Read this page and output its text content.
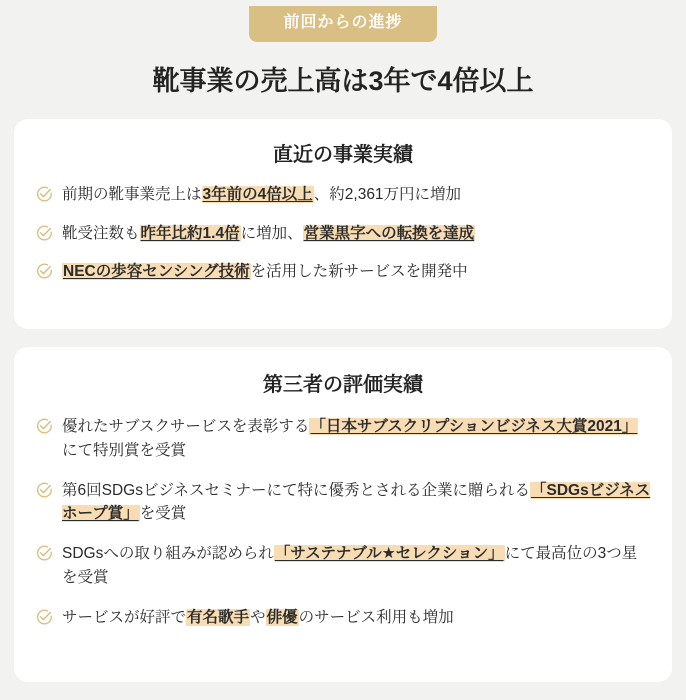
前回からの進捗
靴事業の売上高は3年で4倍以上
直近の事業実績
前期の靴事業売上は3年前の4倍以上、約2,361万円に増加
靴受注数も昨年比約1.4倍に増加、営業黒字への転換を達成
NECの歩容センシング技術を活用した新サービスを開発中
第三者の評価実績
優れたサブスクサービスを表彰する「日本サブスクリプションビジネス大賞2021」にて特別賞を受賞
第6回SDGsビジネスセミナーにて特に優秀とされる企業に贈られる「SDGsビジネスホープ賞」を受賞
SDGsへの取り組みが認められ「サステナブル★セレクション」にて最高位の3つ星を受賞
サービスが好評で有名歌手や俳優のサービス利用も増加
